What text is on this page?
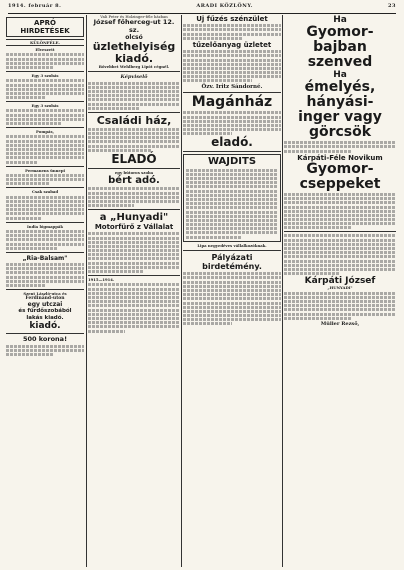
1914. február 8.	ARADI KÖZLÖNY.	23
APRÓ HIRDETÉSEK
KÜLÖNFÉLE.
Elveszett
Egy 3 szobás
Egy 3 szobás
Pompás,
Permanens ünnepi
Csak szabad
India lógmappák
„Ria-Balsam"
Szent László-utca és
Ferdinánd-uton
egy utczai
és fürdőszobából
lakás kiadó.
kiadó.
500 korona!
Vali Peter és Holzinger-féle házban
József főherceg-ut 12. sz.
olcsó
üzlethelyiség
kiadó.
Bővebbet Wehlberg Lipót cégnél.
Képviselő
Családi ház,
ELADÓ
egy bútoros szoba
bért adó.
a „Hunyadi"
Motorfürő z Vállalat
1915—1914.
Uj fűzés szénzület
tűzelőanyag üzletet
Özv. Iritz Sándorné.
Magánház
eladó.
WAJDITS
Lipa negyedéves vállalkozóknak.
Pályázati birdetémény.
Ha
Gyomor-
bajban
szenved
Ha
émelyés,
hányási-
inger vagy
görcsök
Kárpáti-Féle Novikum
Gyomor-
cseppeket
Kárpáti József
„HUNYADI"
Müller Rezső,
